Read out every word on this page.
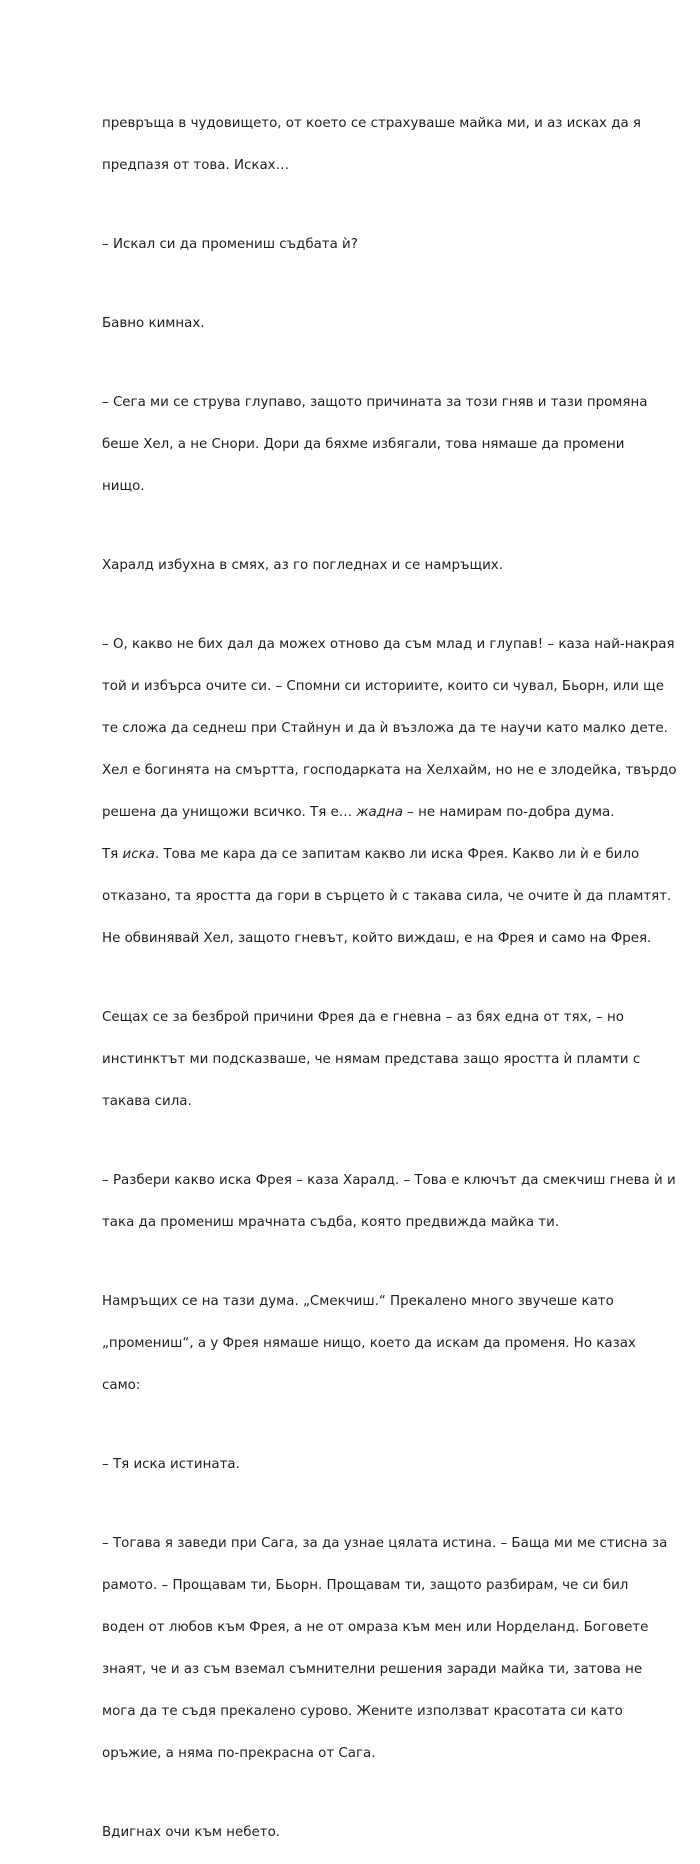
превръща в чудовището, от което се страхуваше майка ми, и аз исках да я

предпазя от това. Исках…

– Искал си да промениш съдбата ѝ?

Бавно кимнах.

– Сега ми се струва глупаво, защото причината за този гняв и тази промяна

беше Хел, а не Снори. Дори да бяхме избягали, това нямаше да промени

нищо.

Харалд избухна в смях, аз го погледнах и се намръщих.

– О, какво не бих дал да можех отново да съм млад и глупав! – каза най-накрая

той и избърса очите си. – Спомни си историите, които си чувал, Бьорн, или ще

те сложа да седнеш при Стайнун и да ѝ възложа да те научи като малко дете.

Хел е богинята на смъртта, господарката на Хелхайм, но не е злодейка, твърдо

решена да унищожи всичко. Тя е… жадна – не намирам по-добра дума.

Тя иска. Това ме кара да се запитам какво ли иска Фрея. Какво ли ѝ е било

отказано, та яростта да гори в сърцето ѝ с такава сила, че очите ѝ да пламтят.

Не обвинявай Хел, защото гневът, който виждаш, е на Фрея и само на Фрея.

Сещах се за безброй причини Фрея да е гневна – аз бях една от тях, – но

инстинктът ми подсказваше, че нямам представа защо яростта ѝ пламти с

такава сила.

– Разбери какво иска Фрея – каза Харалд. – Това е ключът да смекчиш гнева ѝ и

така да промениш мрачната съдба, която предвижда майка ти.

Намръщих се на тази дума. „Смекчиш.“ Прекалено много звучеше като

„промениш“, а у Фрея нямаше нищо, което да искам да променя. Но казах

само:

– Тя иска истината.

– Тогава я заведи при Сага, за да узнае цялата истина. – Баща ми ме стисна за

рамото. – Прощавам ти, Бьорн. Прощавам ти, защото разбирам, че си бил

воден от любов към Фрея, а не от омраза към мен или Норделанд. Боговете

знаят, че и аз съм вземал съмнителни решения заради майка ти, затова не

мога да те съдя прекалено сурово. Жените използват красотата си като

оръжие, а няма по-прекрасна от Сага.

Вдигнах очи към небето.
